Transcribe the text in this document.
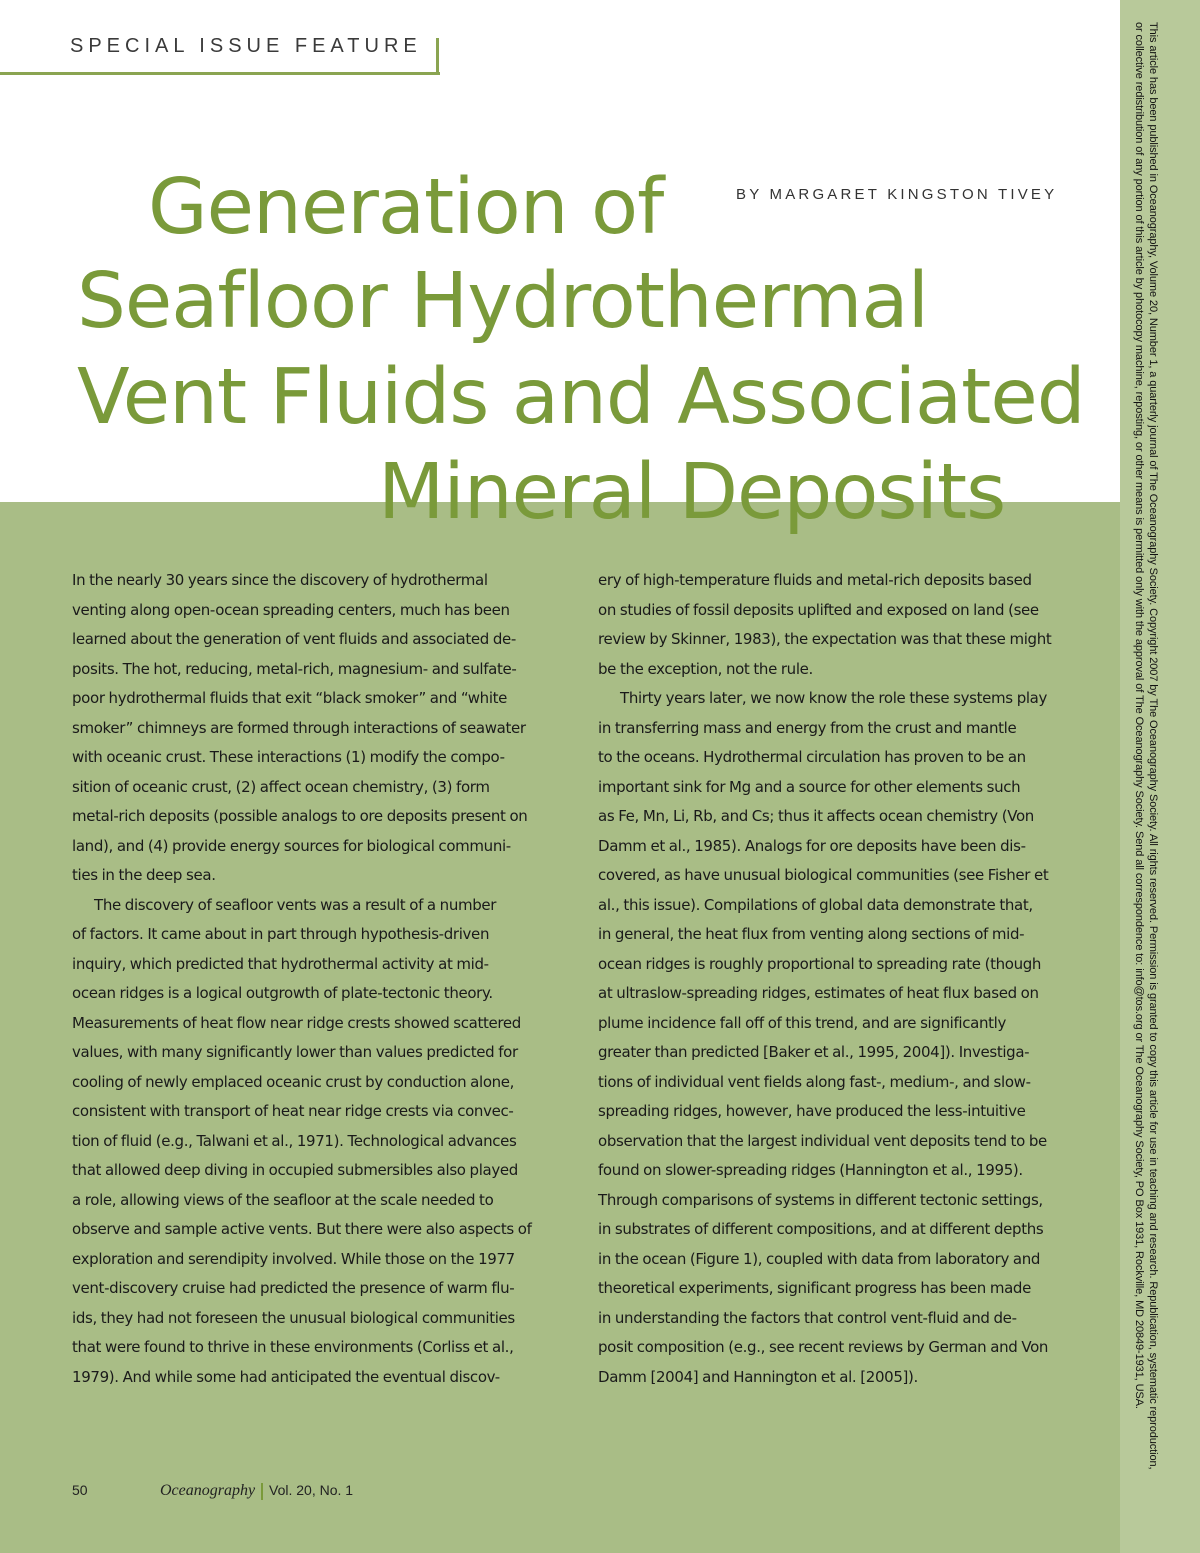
This article has been published in Oceanography, Volume 20, Number 1, a quarterly journal of The Oceanography Society. Copyright 2007 by The Oceanography Society. All rights reserved. Permission is granted to copy this article for use in teaching and research. Republication, systematic reproduction,
or collective redistribution of any portion of this article by photocopy machine, reposting, or other means is permitted only with the approval of The Oceanography Society. Send all correspondence to: info@tos.org or The Oceanography Society, PO Box 1931, Rockville, MD 20849-1931, USA.
SPECIAL ISSUE FEATURE
Generation of
Seafloor Hydrothermal
Vent Fluids and Associated
Mineral Deposits
BY MARGARET KINGSTON TIVEY

In the nearly 30 years since the discovery of hydrothermal
venting along open-ocean spreading centers, much has been
learned about the generation of vent fluids and associated de-
posits. The hot, reducing, metal-rich, magnesium- and sulfate-
poor hydrothermal fluids that exit “black smoker” and “white
smoker” chimneys are formed through interactions of seawater
with oceanic crust. These interactions (1) modify the compo-
sition of oceanic crust, (2) affect ocean chemistry, (3) form
metal-rich deposits (possible analogs to ore deposits present on
land), and (4) provide energy sources for biological communi-
ties in the deep sea.

The discovery of seafloor vents was a result of a number
of factors. It came about in part through hypothesis-driven
inquiry, which predicted that hydrothermal activity at mid-
ocean ridges is a logical outgrowth of plate-tectonic theory.
Measurements of heat flow near ridge crests showed scattered
values, with many significantly lower than values predicted for
cooling of newly emplaced oceanic crust by conduction alone,
consistent with transport of heat near ridge crests via convec-
tion of fluid (e.g., Talwani et al., 1971). Technological advances
that allowed deep diving in occupied submersibles also played
a role, allowing views of the seafloor at the scale needed to
observe and sample active vents. But there were also aspects of
exploration and serendipity involved. While those on the 1977
vent-discovery cruise had predicted the presence of warm flu-
ids, they had not foreseen the unusual biological communities
that were found to thrive in these environments (Corliss et al.,
1979). And while some had anticipated the eventual discov-

ery of high-temperature fluids and metal-rich deposits based
on studies of fossil deposits uplifted and exposed on land (see
review by Skinner, 1983), the expectation was that these might
be the exception, not the rule.

Thirty years later, we now know the role these systems play
in transferring mass and energy from the crust and mantle
to the oceans. Hydrothermal circulation has proven to be an
important sink for Mg and a source for other elements such
as Fe, Mn, Li, Rb, and Cs; thus it affects ocean chemistry (Von
Damm et al., 1985). Analogs for ore deposits have been dis-
covered, as have unusual biological communities (see Fisher et
al., this issue). Compilations of global data demonstrate that,
in general, the heat flux from venting along sections of mid-
ocean ridges is roughly proportional to spreading rate (though
at ultraslow-spreading ridges, estimates of heat flux based on
plume incidence fall off of this trend, and are significantly
greater than predicted [Baker et al., 1995, 2004]). Investiga-
tions of individual vent fields along fast-, medium-, and slow-
spreading ridges, however, have produced the less-intuitive
observation that the largest individual vent deposits tend to be
found on slower-spreading ridges (Hannington et al., 1995).
Through comparisons of systems in different tectonic settings,
in substrates of different compositions, and at different depths
in the ocean (Figure 1), coupled with data from laboratory and
theoretical experiments, significant progress has been made
in understanding the factors that control vent-fluid and de-
posit composition (e.g., see recent reviews by German and Von
Damm [2004] and Hannington et al. [2005]).

50	Oceanography Vol. 20, No. 1
